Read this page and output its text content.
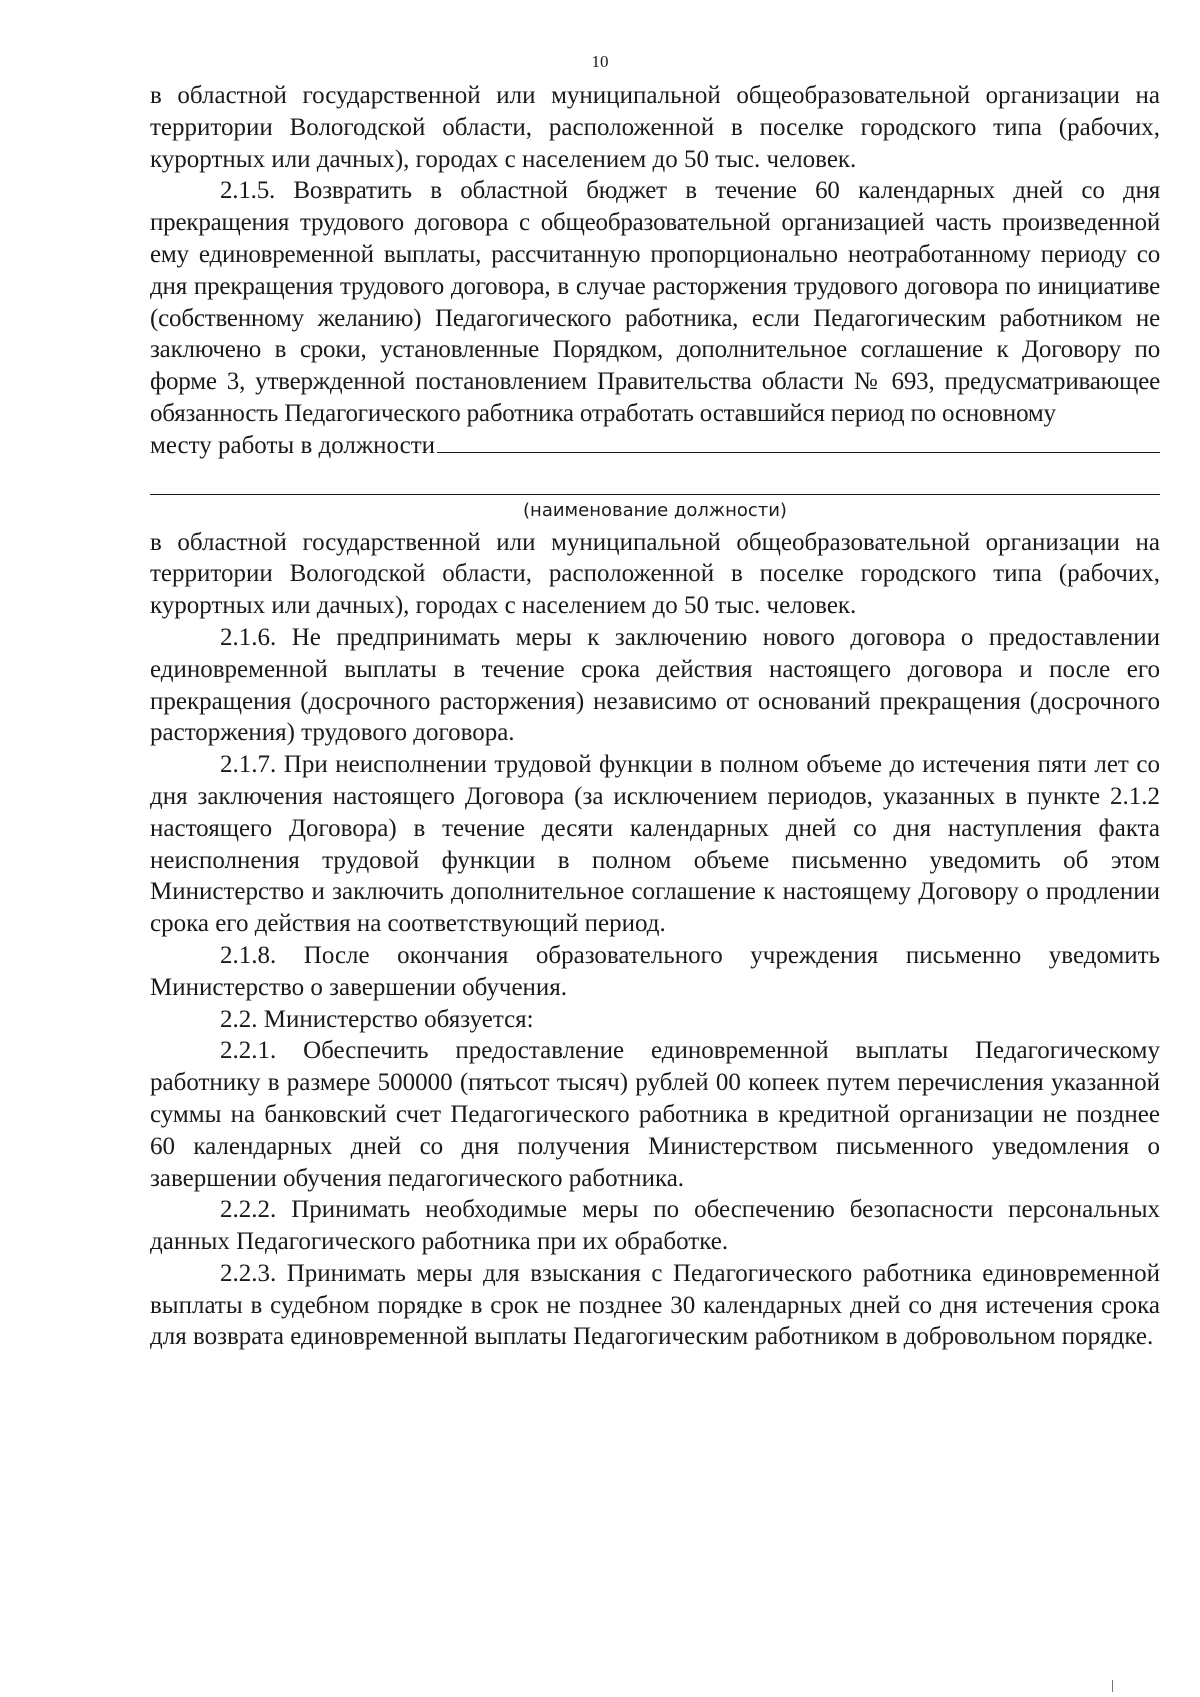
10

в областной государственной или муниципальной общеобразовательной организации на территории Вологодской области, расположенной в поселке городского типа (рабочих, курортных или дачных), городах с населением до 50 тыс. человек.

2.1.5. Возвратить в областной бюджет в течение 60 календарных дней со дня прекращения трудового договора с общеобразовательной организацией часть произведенной ему единовременной выплаты, рассчитанную пропорционально неотработанному периоду со дня прекращения трудового договора, в случае расторжения трудового договора по инициативе (собственному желанию) Педагогического работника, если Педагогическим работником не заключено в сроки, установленные Порядком, дополнительное соглашение к Договору по форме 3, утвержденной постановлением Правительства области № 693, предусматривающее обязанность Педагогического работника отработать оставшийся период по основному

месту работы в должности
(наименование должности)

в областной государственной или муниципальной общеобразовательной организации на территории Вологодской области, расположенной в поселке городского типа (рабочих, курортных или дачных), городах с населением до 50 тыс. человек.

2.1.6. Не предпринимать меры к заключению нового договора о предоставлении единовременной выплаты в течение срока действия настоящего договора и после его прекращения (досрочного расторжения) независимо от оснований прекращения (досрочного расторжения) трудового договора.

2.1.7. При неисполнении трудовой функции в полном объеме до истечения пяти лет со дня заключения настоящего Договора (за исключением периодов, указанных в пункте 2.1.2 настоящего Договора) в течение десяти календарных дней со дня наступления факта неисполнения трудовой функции в полном объеме письменно уведомить об этом Министерство и заключить дополнительное соглашение к настоящему Договору о продлении срока его действия на соответствующий период.

2.1.8. После окончания образовательного учреждения письменно уведомить Министерство о завершении обучения.

2.2. Министерство обязуется:

2.2.1. Обеспечить предоставление единовременной выплаты Педагогическому работнику в размере 500000 (пятьсот тысяч) рублей 00 копеек путем перечисления указанной суммы на банковский счет Педагогического работника в кредитной организации не позднее 60 календарных дней со дня получения Министерством письменного уведомления о завершении обучения педагогического работника.

2.2.2. Принимать необходимые меры по обеспечению безопасности персональных данных Педагогического работника при их обработке.

2.2.3. Принимать меры для взыскания с Педагогического работника единовременной выплаты в судебном порядке в срок не позднее 30 календарных дней со дня истечения срока для возврата единовременной выплаты Педагогическим работником в добровольном порядке.
